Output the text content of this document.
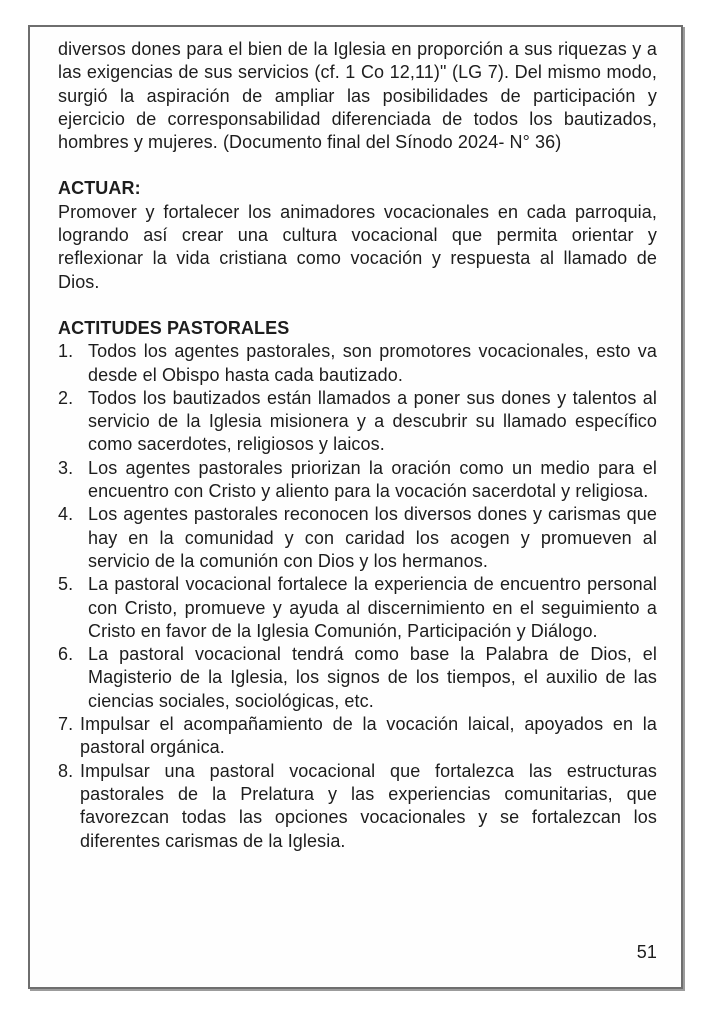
diversos dones para el bien de la Iglesia en proporción a sus riquezas y a las exigencias de sus servicios (cf. 1 Co 12,11)" (LG 7). Del mismo modo, surgió la aspiración de ampliar las posibilidades de participación y ejercicio de corresponsabilidad diferenciada de todos los bautizados, hombres y mujeres. (Documento final del Sínodo 2024- N° 36)

ACTUAR:

Promover y fortalecer los animadores vocacionales en cada parroquia, logrando así crear una cultura vocacional que permita orientar y reflexionar la vida cristiana como vocación y respuesta al llamado de Dios.

ACTITUDES PASTORALES
1. Todos los agentes pastorales, son promotores vocacionales, esto va desde el Obispo hasta cada bautizado.
2. Todos los bautizados están llamados a poner sus dones y talentos al servicio de la Iglesia misionera y a descubrir su llamado específico como sacerdotes, religiosos y laicos.
3. Los agentes pastorales priorizan la oración como un medio para el encuentro con Cristo y aliento para la vocación sacerdotal y religiosa.
4. Los agentes pastorales reconocen los diversos dones y carismas que hay en la comunidad y con caridad los acogen y promueven al servicio de la comunión con Dios y los hermanos.
5. La pastoral vocacional fortalece la experiencia de encuentro personal con Cristo, promueve y ayuda al discernimiento en el seguimiento a Cristo en favor de la Iglesia Comunión, Participación y Diálogo.
6. La pastoral vocacional tendrá como base la Palabra de Dios, el Magisterio de la Iglesia, los signos de los tiempos, el auxilio de las ciencias sociales, sociológicas, etc.
7. Impulsar el acompañamiento de la vocación laical, apoyados en la pastoral orgánica.
8. Impulsar una pastoral vocacional que fortalezca las estructuras pastorales de la Prelatura y las experiencias comunitarias, que favorezcan todas las opciones vocacionales y se fortalezcan los diferentes carismas de la Iglesia.
51
